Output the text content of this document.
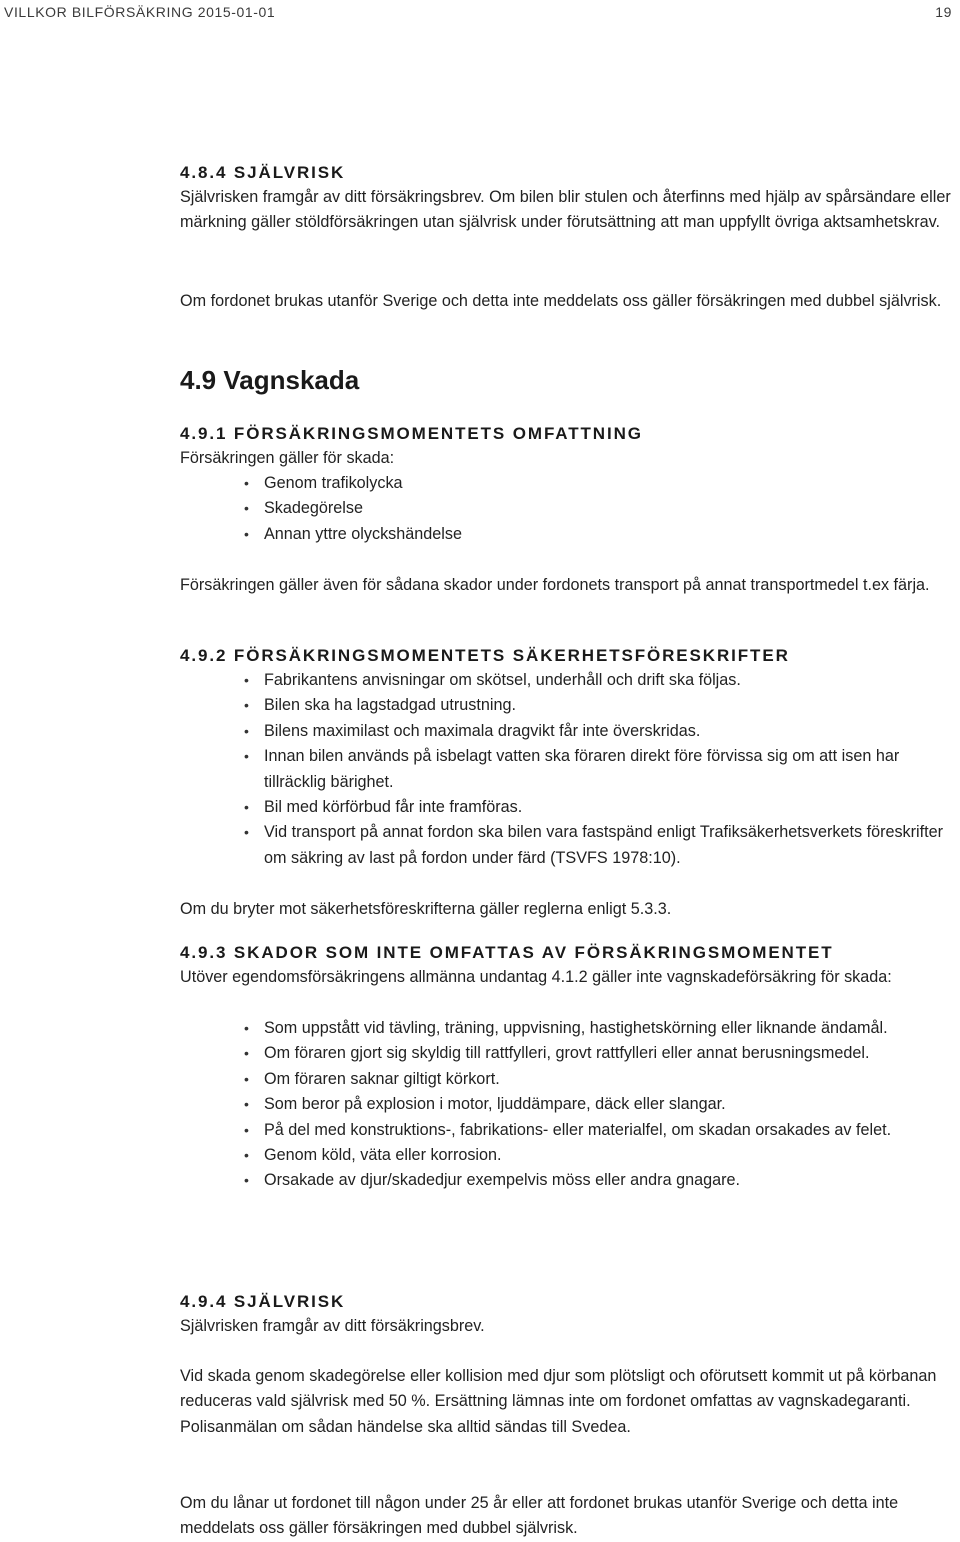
VILLKOR BILFÖRSÄKRING 2015-01-01	19
4.8.4 SJÄLVRISK

Självrisken framgår av ditt försäkringsbrev. Om bilen blir stulen och återfinns med hjälp av spårsändare eller märkning gäller stöldförsäkringen utan självrisk under förutsättning att man uppfyllt övriga aktsamhetskrav.

Om fordonet brukas utanför Sverige och detta inte meddelats oss gäller försäkringen med dubbel självrisk.

4.9 Vagnskada
4.9.1 FÖRSÄKRINGSMOMENTETS OMFATTNING

Försäkringen gäller för skada:

• Genom trafikolycka
• Skadegörelse
• Annan yttre olyckshändelse

Försäkringen gäller även för sådana skador under fordonets transport på annat transportmedel t.ex färja.

4.9.2 FÖRSÄKRINGSMOMENTETS SÄKERHETSFÖRESKRIFTER
• Fabrikantens anvisningar om skötsel, underhåll och drift ska följas.
• Bilen ska ha lagstadgad utrustning.
• Bilens maximilast och maximala dragvikt får inte överskridas.
• Innan bilen används på isbelagt vatten ska föraren direkt före förvissa sig om att isen har tillräcklig bärighet.
• Bil med körförbud får inte framföras.
• Vid transport på annat fordon ska bilen vara fastspänd enligt Trafiksäkerhetsverkets föreskrifter om säkring av last på fordon under färd (TSVFS 1978:10).

Om du bryter mot säkerhetsföreskrifterna gäller reglerna enligt 5.3.3.

4.9.3 SKADOR SOM INTE OMFATTAS AV FÖRSÄKRINGSMOMENTET

Utöver egendomsförsäkringens allmänna undantag 4.1.2 gäller inte vagnskadeförsäkring för skada:

• Som uppstått vid tävling, träning, uppvisning, hastighetskörning eller liknande ändamål.
• Om föraren gjort sig skyldig till rattfylleri, grovt rattfylleri eller annat berusningsmedel.
• Om föraren saknar giltigt körkort.
• Som beror på explosion i motor, ljuddämpare, däck eller slangar.
• På del med konstruktions-, fabrikations- eller materialfel, om skadan orsakades av felet.
• Genom köld, väta eller korrosion.
• Orsakade av djur/skadedjur exempelvis möss eller andra gnagare.
4.9.4 SJÄLVRISK

Självrisken framgår av ditt försäkringsbrev.

Vid skada genom skadegörelse eller kollision med djur som plötsligt och oförutsett kommit ut på körbanan reduceras vald självrisk med 50 %. Ersättning lämnas inte om fordonet omfattas av vagnskadegaranti. Polisanmälan om sådan händelse ska alltid sändas till Svedea.

Om du lånar ut fordonet till någon under 25 år eller att fordonet brukas utanför Sverige och detta inte meddelats oss gäller försäkringen med dubbel självrisk.
